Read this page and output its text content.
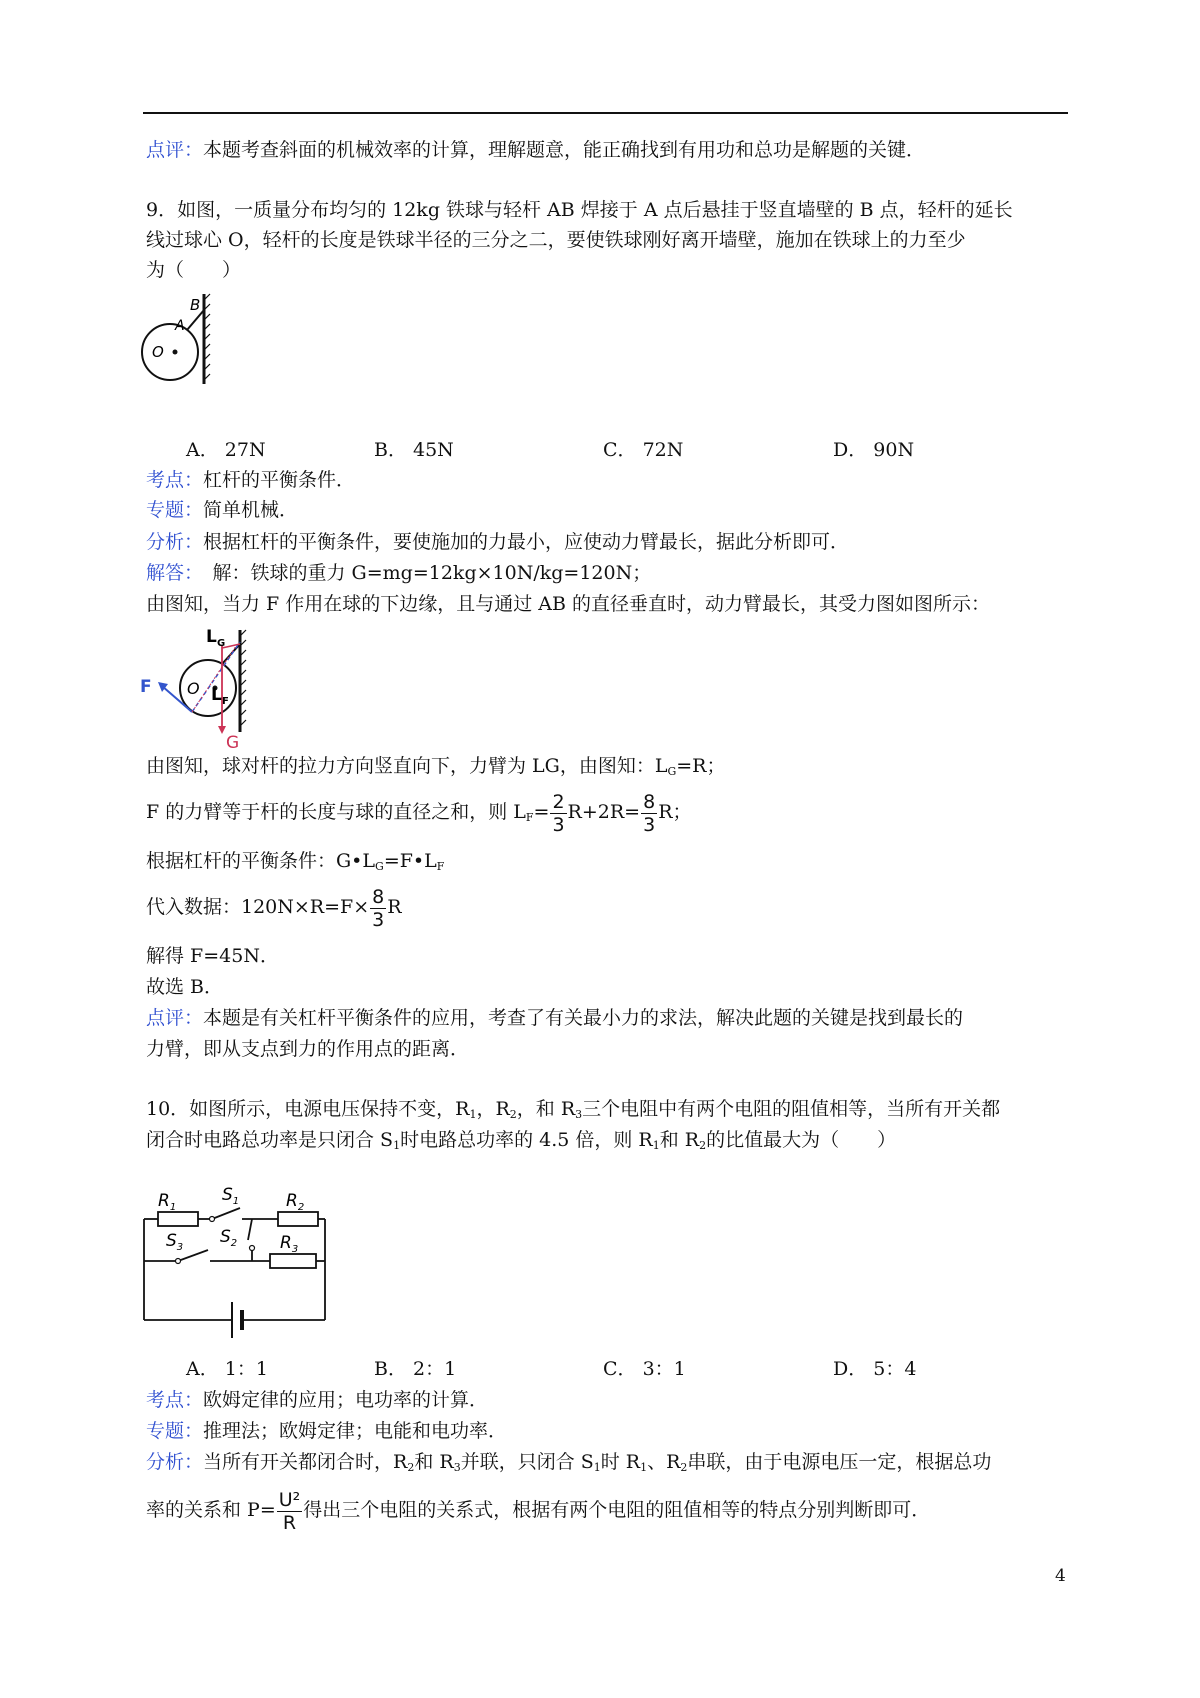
点评：本题考查斜面的机械效率的计算，理解题意，能正确找到有用功和总功是解题的关键．
9．如图，一质量分布均匀的 12kg 铁球与轻杆 AB 焊接于 A 点后悬挂于竖直墙壁的 B 点，轻杆的延长
线过球心 O，轻杆的长度是铁球半径的三分之二，要使铁球刚好离开墙壁，施加在铁球上的力至少
为（　　）
B
A
O
A． 27N	B． 45N	C． 72N	D． 90N
考点：杠杆的平衡条件．
专题：简单机械．
分析：根据杠杆的平衡条件，要使施加的力最小，应使动力臂最长，据此分析即可．
解答：　解：铁球的重力 G=mg=12kg×10N/kg=120N；
由图知，当力 F 作用在球的下边缘，且与通过 AB 的直径垂直时，动力臂最长，其受力图如图所示：
L G
F O L F
G
由图知，球对杆的拉力方向竖直向下，力臂为 LG，由图知：$L_G=R$；
F 的力臂等于杆的长度与球的直径之和，则 $L_F= \frac{2}{3} R+2R= \frac{8}{3}$ R；
根据杠杆的平衡条件：$G•L_G=F•L_F$
代入数据：$120N\times R=F\times \frac{8}{3}$ R
解得 F=45N．
故选 B．
点评：本题是有关杠杆平衡条件的应用，考查了有关最小力的求法，解决此题的关键是找到最长的
力臂，即从支点到力的作用点的距离．
10．如图所示，电源电压保持不变，$R_1$，$R_2$，和 $R_3$三个电阻中有两个电阻的阻值相等，当所有开关都
闭合时电路总功率是只闭合 $S_1$时电路总功率的 4.5 倍，则 $R_1$和 $R_2$的比值最大为（　　）
$R_1$
$S_1$	$R_2$
$S_3$
$S_2$	$R_3$
A． 1：1	B． 2：1	C． 3：1	D． 5：4
考点：欧姆定律的应用；电功率的计算．
专题：推理法；欧姆定律；电能和电功率．
分析：当所有开关都闭合时，$R_2$和 $R_3$并联，只闭合 $S_1$时 $R_1$、$R_2$串联，由于电源电压一定，根据总功
率的关系和 $P= \frac{\text{U²}}{R}$ 得出三个电阻的关系式，根据有两个电阻的阻值相等的特点分别判断即可．
4
